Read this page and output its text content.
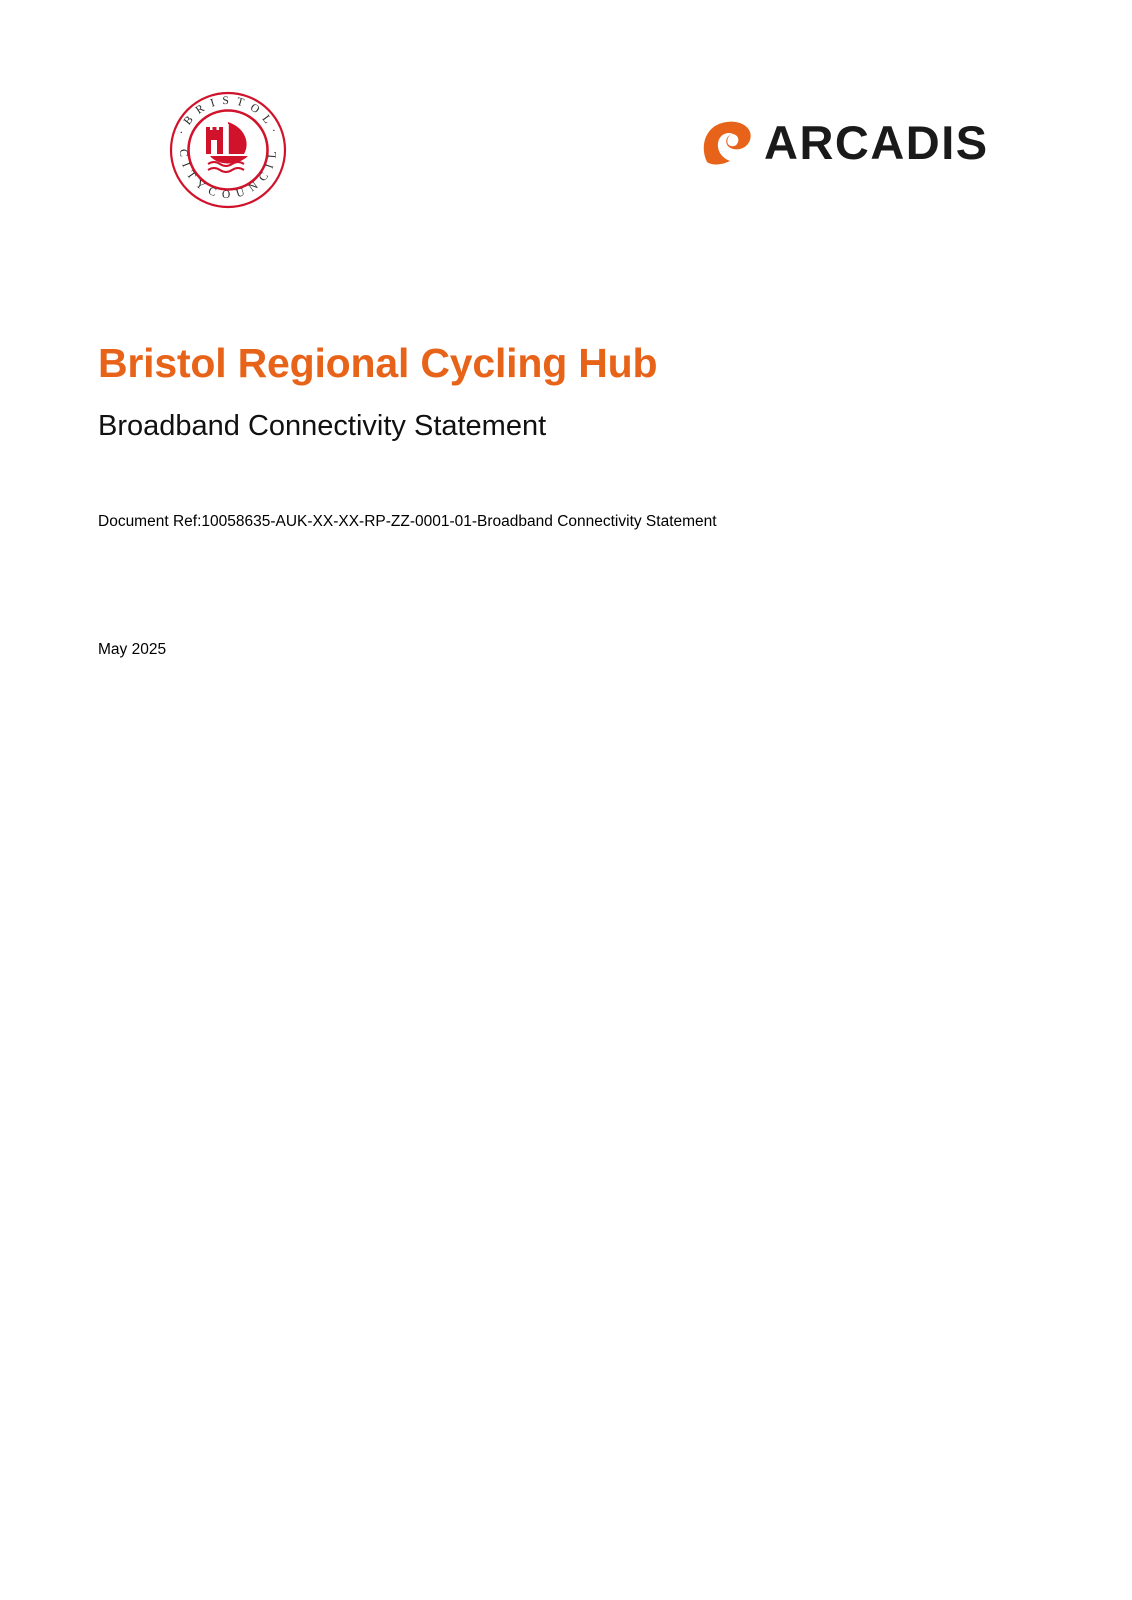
· B R I S T O L ·
C I T Y C O U N C I L	ARCADIS
Bristol Regional Cycling Hub
Broadband Connectivity Statement

Document Ref:10058635-AUK-XX-XX-RP-ZZ-0001-01-Broadband Connectivity Statement

May 2025
